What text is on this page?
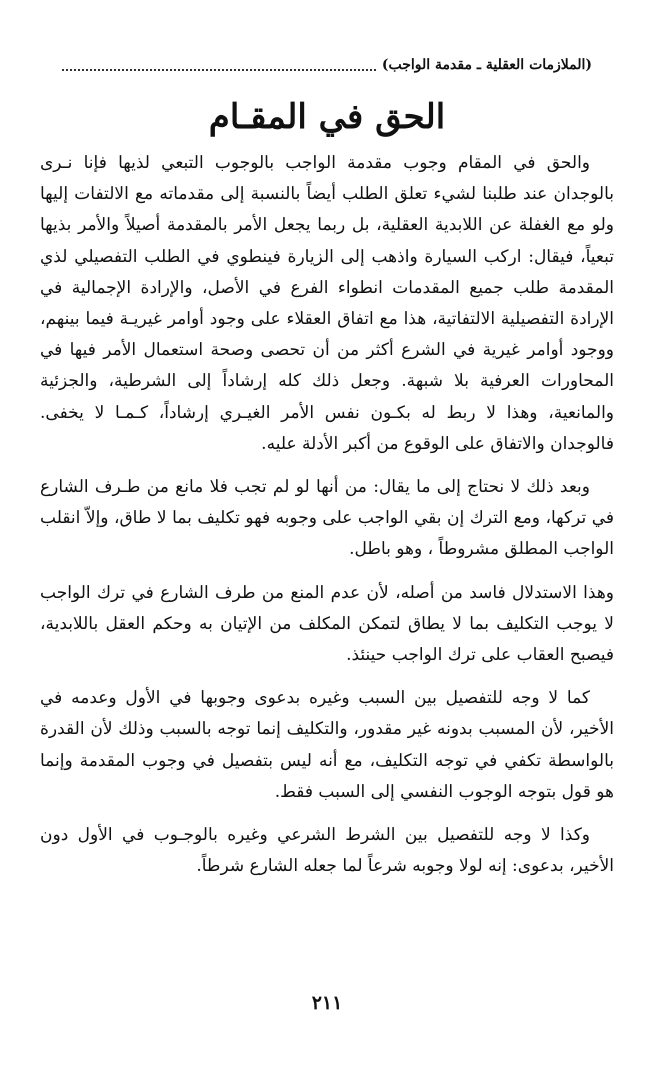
(الملازمات العقلية ـ مقدمة الواجب)
الحق في المقـام

والحق في المقام وجوب مقدمة الواجب بالوجوب التبعي لذيها فإنا نـرى بالوجدان عند طلبنا لشيء تعلق الطلب أيضاً بالنسبة إلى مقدماته مع الالتفات إليها ولو مع الغفلة عن اللابدية العقلية، بل ربما يجعل الأمر بالمقدمة أصيلاً والأمر بذيها تبعياً، فيقال: اركب السيارة واذهب إلى الزيارة فينطوي في الطلب التفصيلي لذي المقدمة طلب جميع المقدمات انطواء الفرع في الأصل، والإرادة الإجمالية في الإرادة التفصيلية الالتفاتية، هذا مع اتفاق العقلاء على وجود أوامر غيريـة فيما بينهم، ووجود أوامر غيرية في الشرع أكثر من أن تحصى وصحة استعمال الأمر فيها في المحاورات العرفية بلا شبهة. وجعل ذلك كله إرشاداً إلى الشرطية، والجزئية والمانعية، وهذا لا ربط له بكـون نفس الأمر الغيـري إرشاداً، كـمـا لا يخفى. فالوجدان والاتفاق على الوقوع من أكبر الأدلة عليه.

وبعد ذلك لا نحتاج إلى ما يقال: من أنها لو لم تجب فلا مانع من طـرف الشارع في تركها، ومع الترك إن بقي الواجب على وجوبه فهو تكليف بما لا طاق، وإلاّ انقلب الواجب المطلق مشروطاً ، وهو باطل.

وهذا الاستدلال فاسد من أصله، لأن عدم المنع من طرف الشارع في ترك الواجب لا يوجب التكليف بما لا يطاق لتمكن المكلف من الإتيان به وحكم العقل باللابدية، فيصبح العقاب على ترك الواجب حينئذ.

كما لا وجه للتفصيل بين السبب وغيره بدعوى وجوبها في الأول وعدمه في الأخير، لأن المسبب بدونه غير مقدور، والتكليف إنما توجه بالسبب وذلك لأن القدرة بالواسطة تكفي في توجه التكليف، مع أنه ليس بتفصيل في وجوب المقدمة وإنما هو قول بتوجه الوجوب النفسي إلى السبب فقط.

وكذا لا وجه للتفصيل بين الشرط الشرعي وغيره بالوجـوب في الأول دون الأخير، بدعوى: إنه لولا وجوبه شرعاً لما جعله الشارع شرطاً.

٢١١
